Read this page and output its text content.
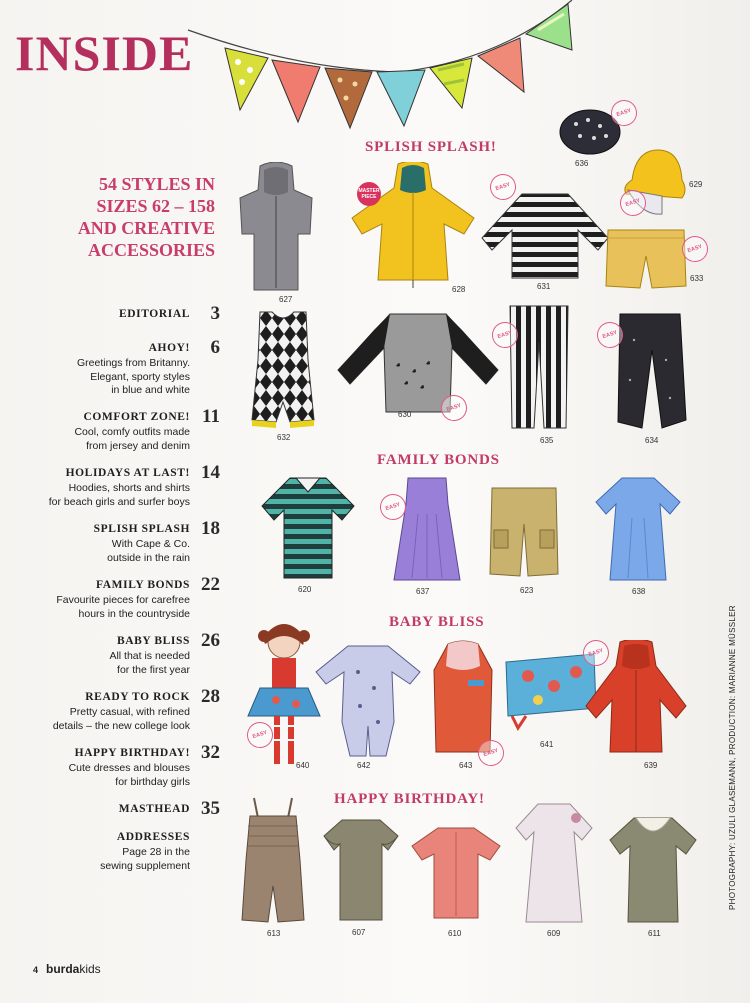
INSIDE
54 STYLES IN
SIZES 62 – 158
AND CREATIVE
ACCESSORIES
EDITORIAL 3
AHOY! 6
Greetings from Britanny.
Elegant, sporty styles
in blue and white
COMFORT ZONE! 11
Cool, comfy outfits made
from jersey and denim
HOLIDAYS AT LAST! 14
Hoodies, shorts and shirts
for beach girls and surfer boys
SPLISH SPLASH 18
With Cape & Co.
outside in the rain
FAMILY BONDS 22
Favourite pieces for carefree
hours in the countryside
BABY BLISS 26
All that is needed
for the first year
READY TO ROCK 28
Pretty casual, with refined
details – the new college look
HAPPY BIRTHDAY! 32
Cute dresses and blouses
for birthday girls
MASTHEAD 35
ADDRESSES
Page 28 in the
sewing supplement
SPLISH SPLASH!
FAMILY BONDS
BABY BLISS
HAPPY BIRTHDAY!
627
MASTER PIECE
628
EASY
631
EASY
636
EASY
629
EASY
633
632
EASY
630
EASY
635
EASY
634
620
EASY
637	623	638
EASY
640	642
EASY
643
EASY
641
639
613	607	610	609	611
PHOTOGRAPHY: UZULI GLASEMANN, PRODUCTION: MARIANNE MÜSSLER
4 burdakids
